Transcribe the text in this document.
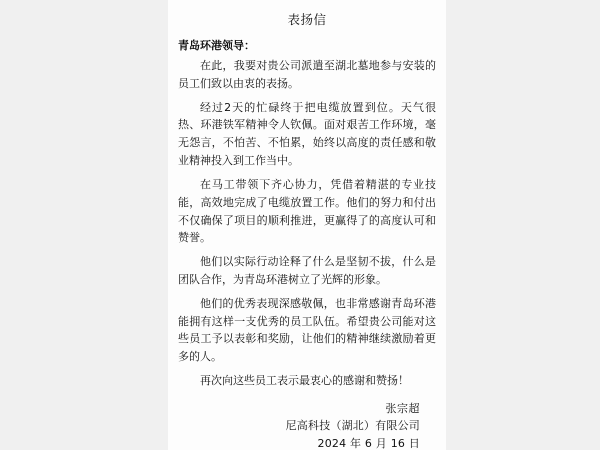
表扬信
青岛环港领导：

在此，我要对贵公司派遣至湖北墓地参与安装的员工们致以由衷的表扬。

经过2天的忙碌终于把电缆放置到位。天气很热、环港铁军精神令人钦佩。面对艰苦工作环境，毫无怨言，不怕苦、不怕累，始终以高度的责任感和敬业精神投入到工作当中。

在马工带领下齐心协力，凭借着精湛的专业技能，高效地完成了电缆放置工作。他们的努力和付出不仅确保了项目的顺利推进，更赢得了的高度认可和赞誉。

他们以实际行动诠释了什么是坚韧不拔，什么是团队合作，为青岛环港树立了光辉的形象。

他们的优秀表现深感敬佩，也非常感谢青岛环港能拥有这样一支优秀的员工队伍。希望贵公司能对这些员工予以表彰和奖励，让他们的精神继续激励着更多的人。

再次向这些员工表示最衷心的感谢和赞扬！

张宗超
尼高科技（湖北）有限公司
2024 年 6 月 16 日
